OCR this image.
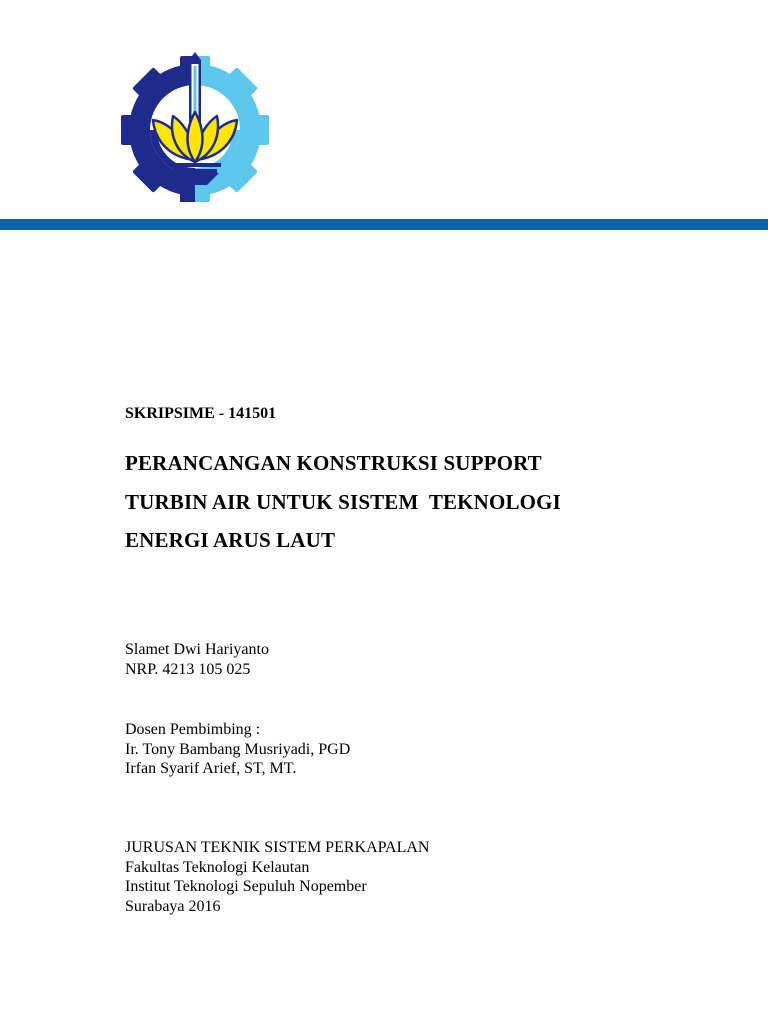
SKRIPSIME - 141501
PERANCANGAN KONSTRUKSI SUPPORT
TURBIN AIR UNTUK SISTEM  TEKNOLOGI
ENERGI ARUS LAUT
Slamet Dwi Hariyanto
NRP. 4213 105 025
Dosen Pembimbing :
Ir. Tony Bambang Musriyadi, PGD
Irfan Syarif Arief, ST, MT.
JURUSAN TEKNIK SISTEM PERKAPALAN
Fakultas Teknologi Kelautan
Institut Teknologi Sepuluh Nopember
Surabaya 2016
